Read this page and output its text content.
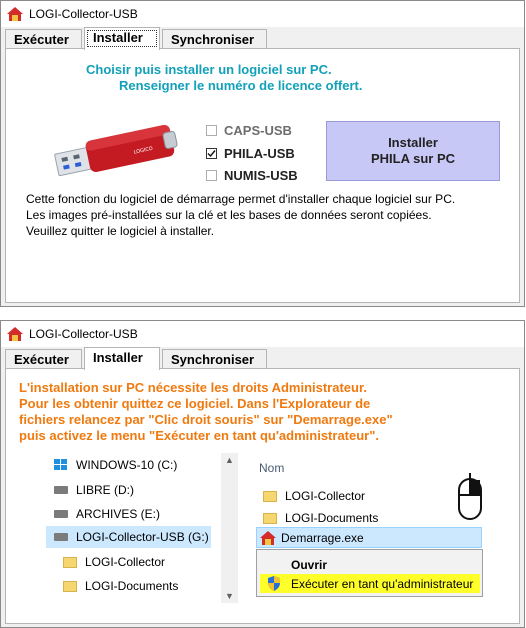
LOGI-Collector-USB
Exécuter	Installer	Synchroniser
Choisir puis installer un logiciel sur PC.
Renseigner le numéro de licence offert.
LOGICO
CAPS-USB
PHILA-USB
NUMIS-USB
Installer
PHILA sur PC
Cette fonction du logiciel de démarrage permet d'installer chaque logiciel sur PC.
Les images pré-installées sur la clé et les bases de données seront copiées.
Veuillez quitter le logiciel à installer.
LOGI-Collector-USB
Exécuter	Installer	Synchroniser
L'installation sur PC nécessite les droits Administrateur.
Pour les obtenir quittez ce logiciel. Dans l'Explorateur de
fichiers relancez par "Clic droit souris" sur "Demarrage.exe"
puis activez le menu "Exécuter en tant qu'administrateur".
WINDOWS-10 (C:)
LIBRE (D:)
ARCHIVES (E:)
LOGI-Collector-USB (G:)
LOGI-Collector
LOGI-Documents
▲
▼
Nom
LOGI-Collector
LOGI-Documents
Demarrage.exe
Ouvrir
Exécuter en tant qu'administrateur
